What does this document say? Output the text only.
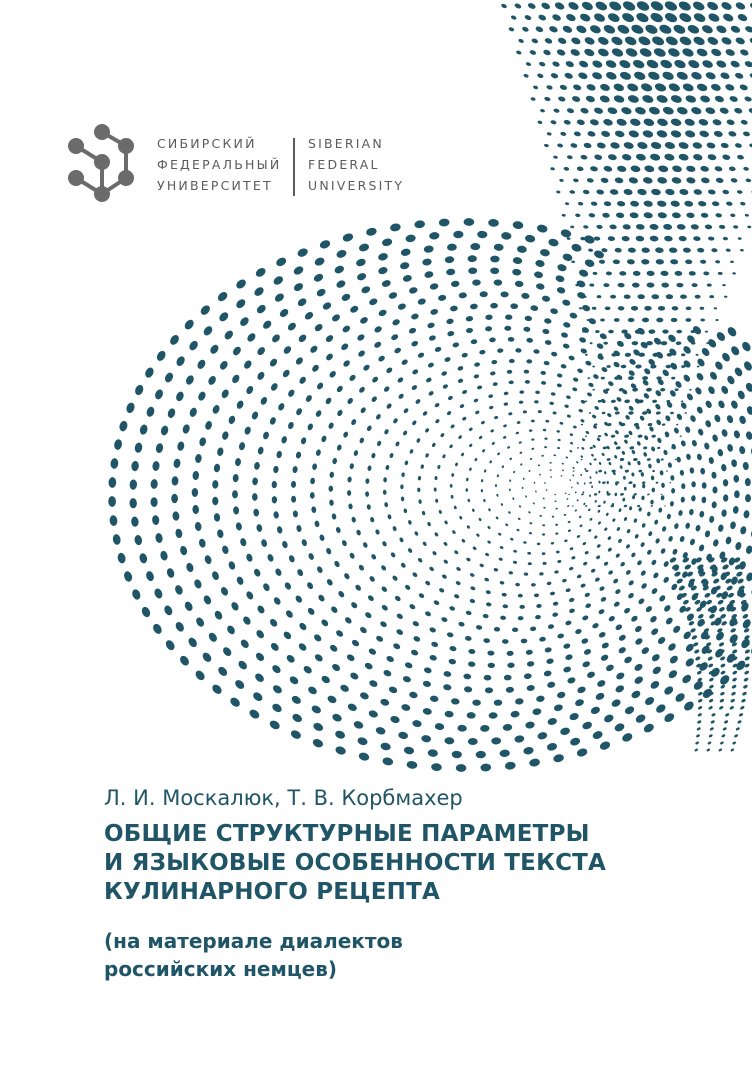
СИБИРСКИЙ
ФЕДЕРАЛЬНЫЙ
УНИВЕРСИТЕТ
SIBERIAN
FEDERAL
UNIVERSITY
Л. И. Москалюк, Т. В. Корбмахер
ОБЩИЕ СТРУКТУРНЫЕ ПАРАМЕТРЫ
И ЯЗЫКОВЫЕ ОСОБЕННОСТИ ТЕКСТА
КУЛИНАРНОГО РЕЦЕПТА
(на материале диалектов
российских немцев)
